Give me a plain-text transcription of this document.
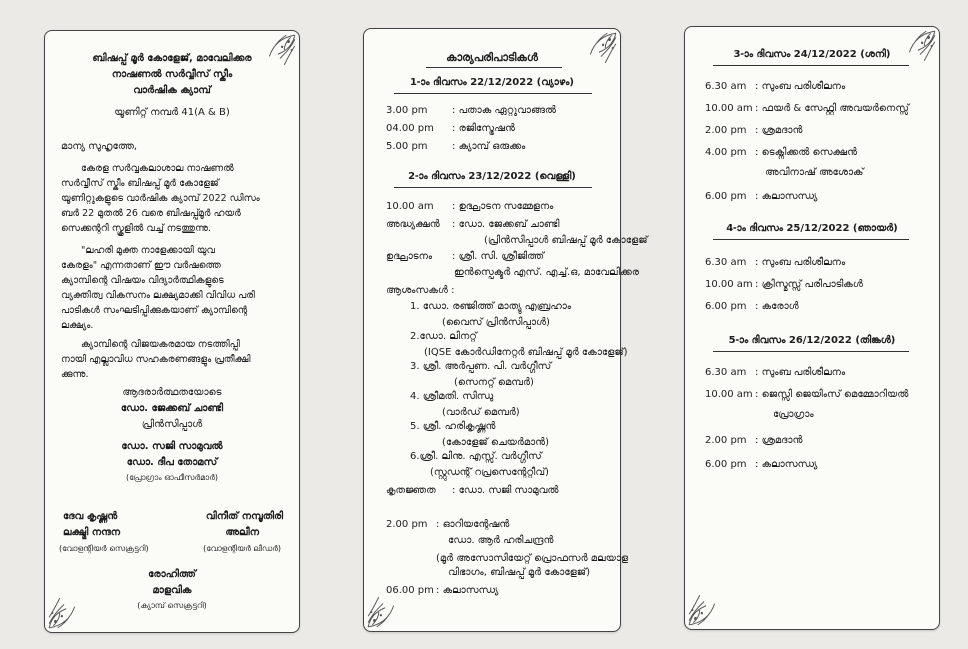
ബിഷപ്പ് മൂർ കോളേജ്, മാവേലിക്കര
നാഷണൽ സർവ്വീസ് സ്കീം
വാർഷിക ക്യാമ്പ്
യൂണിറ്റ് നമ്പർ 41(A & B)
മാന്യ സുഹൃത്തേ,
കേരള സർവ്വകലാശാല നാഷണൽ
സർവ്വീസ് സ്കീം ബിഷപ്പ് മൂർ കോളേജ്
യൂണിറ്റുകളുടെ വാർഷിക ക്യാമ്പ് 2022 ഡിസം
ബർ 22 മുതൽ 26 വരെ ബിഷപ്പ്മൂർ ഹയർ
സെക്കന്ററി സ്കൂളിൽ വച്ച് നടത്തുന്നു.
"ലഹരി മുക്ത നാളേക്കായി യുവ
കേരളം" എന്നതാണ് ഈ വർഷത്തെ
ക്യാമ്പിന്റെ വിഷയം വിദ്യാർത്ഥികളുടെ
വ്യക്തിത്വ വികസനം ലക്ഷ്യമാക്കി വിവിധ പരി
പാടികൾ സംഘടിപ്പിക്കുകയാണ് ക്യാമ്പിന്റെ
ലക്ഷ്യം.
ക്യാമ്പിന്റെ വിജയകരമായ നടത്തിപ്പി
നായി എല്ലാവിധ സഹകരണങ്ങളും പ്രതീക്ഷി
ക്കുന്നു.
ആദരാർത്ഥതയോടെ
ഡോ. ജേക്കബ് ചാണ്ടി
പ്രിൻസിപ്പാൾ
ഡോ. സജി സാമുവൽ
ഡോ. ദീപ തോമസ്
(പ്രോഗ്രാം ഓഫീസർമാർ)
ദേവ കൃഷ്ണൻ
ലക്ഷ്മി നന്ദന
(വോളന്റിയർ സെക്രട്ടറി)
വിനീത് നമ്പൂതിരി
അലീന
(വോളന്റിയർ ലീഡർ)
രോഹിത്ത്
മാളവിക
(ക്യാമ്പ് സെക്രട്ടറി)
കാര്യപരിപാടികൾ
1-ാം ദിവസം 22/12/2022 (വ്യാഴം)
3.00 pm : പതാക ഏറ്റുവാങ്ങൽ
04.00 pm : രജിസ്ട്രേഷൻ
5.00 pm : ക്യാമ്പ് ഒരുക്കം
2-ാം ദിവസം 23/12/2022 (വെള്ളി)
10.00 am : ഉദ്ഘാടന സമ്മേളനം
അദ്ധ്യക്ഷൻ : ഡോ. ജേക്കബ് ചാണ്ടി
(പ്രിൻസിപ്പാൾ ബിഷപ്പ് മൂർ കോളേജ്
ഉദ്ഘാടനം : ശ്രീ. സി. ശ്രീജിത്ത്
ഇൻസ്പെക്ടർ എസ്. എച്ച്.ഒ, മാവേലിക്കര
ആശംസകൾ :
1. ഡോ. രഞ്ജിത്ത് മാത്യു എബ്രഹാം
(വൈസ് പ്രിൻസിപ്പാൾ)
2.ഡോ. ലിനറ്റ്
(IQSE കോർഡിനേറ്റർ ബിഷപ്പ് മൂർ കോളേജ്)
3. ശ്രീ. അർപ്പണ. പി. വർഗ്ഗീസ്
(സെനറ്റ് മെമ്പർ)
4. ശ്രീമതി. സിന്ധു
(വാർഡ് മെമ്പർ)
5. ശ്രീ. ഹരികൃഷ്ണൻ
(കോളേജ് ചെയർമാൻ)
6.ശ്രീ. ലിനു. എസ്സ്. വർഗ്ഗീസ്
(സ്റ്റുഡന്റ് റപ്രസെന്റേറ്റീവ്)
കൃതജ്ഞത : ഡോ. സജി സാമുവൽ
2.00 pm : ഓറിയന്റേഷൻ
ഡോ. ആർ ഹരിചന്ദ്രൻ
(മൂർ അസോസിയേറ്റ് പ്രൊഫസർ മലയാള
വിഭാഗം, ബിഷപ്പ് മൂർ കോളേജ്)
06.00 pm : കലാസന്ധ്യ
3-ാം ദിവസം 24/12/2022 (ശനി)
6.30 am : സുംബ പരിശീലനം
10.00 am : ഫയർ & സേഫ്റ്റി അവയർനെസ്സ്
2.00 pm : ശ്രമദാൻ
4.00 pm : ടെക്നിക്കൽ സെക്ഷൻ
അവിനാഷ് അശോക്
6.00 pm : കലാസന്ധ്യ
4-ാം ദിവസം 25/12/2022 (ഞായർ)
6.30 am : സുംബ പരിശീലനം
10.00 am : ക്രിസ്മസ്സ് പരിപാടികൾ
6.00 pm : കരോൾ
5-ാം ദിവസം 26/12/2022 (തിങ്കൾ)
6.30 am : സുംബ പരിശീലനം
10.00 am : ജെസ്സി ജെയിംസ് മെമ്മോറിയൽ
പ്രോഗ്രാം
2.00 pm : ശ്രമദാൻ
6.00 pm : കലാസന്ധ്യ
